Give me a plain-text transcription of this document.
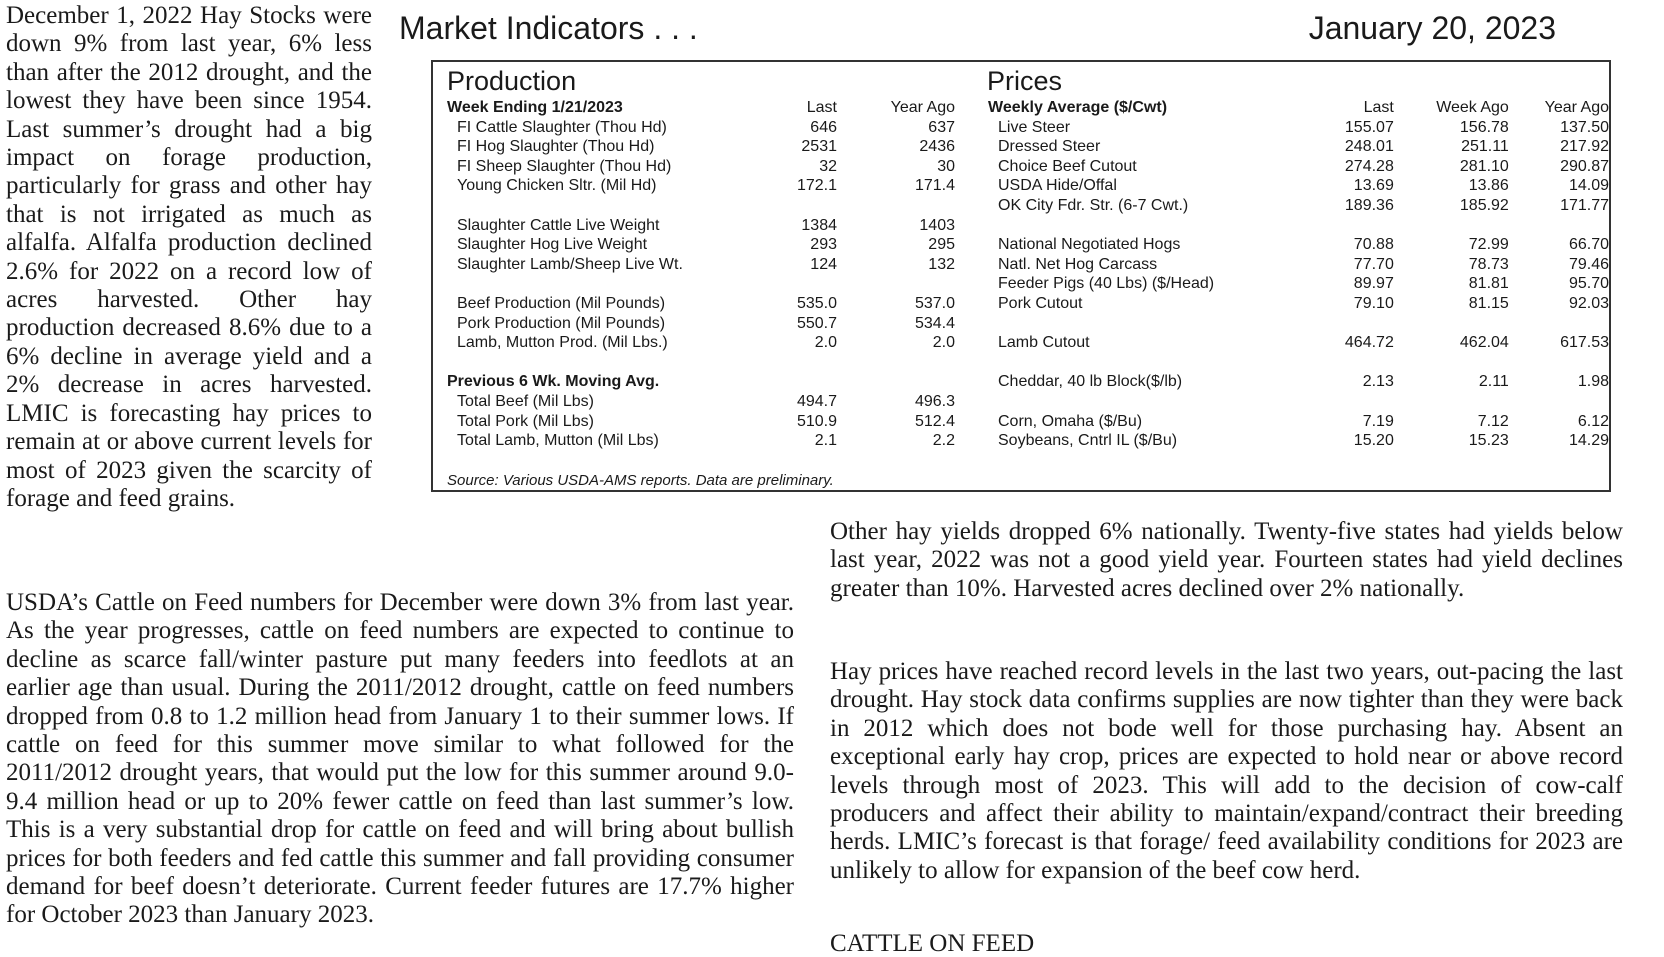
December 1, 2022 Hay Stocks were down 9% from last year, 6% less than after the 2012 drought, and the lowest they have been since 1954. Last summer’s drought had a big impact on forage production, particularly for grass and other hay that is not irrigated as much as alfalfa. Alfalfa production declined 2.6% for 2022 on a record low of acres harvested. Other hay production decreased 8.6% due to a 6% decline in average yield and a 2% decrease in acres harvested. LMIC is forecasting hay prices to remain at or above current levels for most of 2023 given the scarcity of forage and feed grains.

USDA’s Cattle on Feed numbers for December were down 3% from last year. As the year progresses, cattle on feed numbers are expected to continue to decline as scarce fall/winter pasture put many feeders into feedlots at an earlier age than usual. During the 2011/2012 drought, cattle on feed numbers dropped from 0.8 to 1.2 million head from January 1 to their summer lows. If cattle on feed for this summer move similar to what followed for the 2011/2012 drought years, that would put the low for this summer around 9.0-9.4 million head or up to 20% fewer cattle on feed than last summer’s low. This is a very substantial drop for cattle on feed and will bring about bullish prices for both feeders and fed cattle this summer and fall providing consumer demand for beef doesn’t deteriorate. Current feeder futures are 17.7% higher for October 2023 than January 2023.

Other hay yields dropped 6% nationally. Twenty-five states had yields below last year, 2022 was not a good yield year. Fourteen states had yield declines greater than 10%. Harvested acres declined over 2% nationally.

Hay prices have reached record levels in the last two years, out-pacing the last drought. Hay stock data confirms supplies are now tighter than they were back in 2012 which does not bode well for those purchasing hay. Absent an exceptional early hay crop, prices are expected to hold near or above record levels through most of 2023. This will add to the decision of cow-calf producers and affect their ability to maintain/expand/contract their breeding herds. LMIC’s forecast is that forage/ feed availability conditions for 2023 are unlikely to allow for expansion of the beef cow herd.

CATTLE ON FEED

Market Indicators . . .	January 20, 2023
Production	Prices
Week Ending 1/21/2023	Last	Year Ago
FI Cattle Slaughter (Thou Hd)	646	637
FI Hog Slaughter (Thou Hd)	2531	2436
FI Sheep Slaughter (Thou Hd)	32	30
Young Chicken Sltr. (Mil Hd)	172.1	171.4

Slaughter Cattle Live Weight	1384	1403
Slaughter Hog Live Weight	293	295
Slaughter Lamb/Sheep Live Wt.	124	132

Beef Production (Mil Pounds)	535.0	537.0
Pork Production (Mil Pounds)	550.7	534.4
Lamb, Mutton Prod. (Mil Lbs.)	2.0	2.0

Previous 6 Wk. Moving Avg.		
Total Beef (Mil Lbs)	494.7	496.3
Total Pork (Mil Lbs)	510.9	512.4
Total Lamb, Mutton (Mil Lbs)	2.1	2.2
Weekly Average ($/Cwt)	Last	Week Ago	Year Ago
Live Steer	155.07	156.78	137.50
Dressed Steer	248.01	251.11	217.92
Choice Beef Cutout	274.28	281.10	290.87
USDA Hide/Offal	13.69	13.86	14.09
OK City Fdr. Str. (6-7 Cwt.)	189.36	185.92	171.77

National Negotiated Hogs	70.88	72.99	66.70
Natl. Net Hog Carcass	77.70	78.73	79.46
Feeder Pigs (40 Lbs) ($/Head)	89.97	81.81	95.70
Pork Cutout	79.10	81.15	92.03

Lamb Cutout	464.72	462.04	617.53

Cheddar, 40 lb Block($/lb)	2.13	2.11	1.98

Corn, Omaha ($/Bu)	7.19	7.12	6.12
Soybeans, Cntrl IL ($/Bu)	15.20	15.23	14.29
Source: Various USDA-AMS reports. Data are preliminary.
